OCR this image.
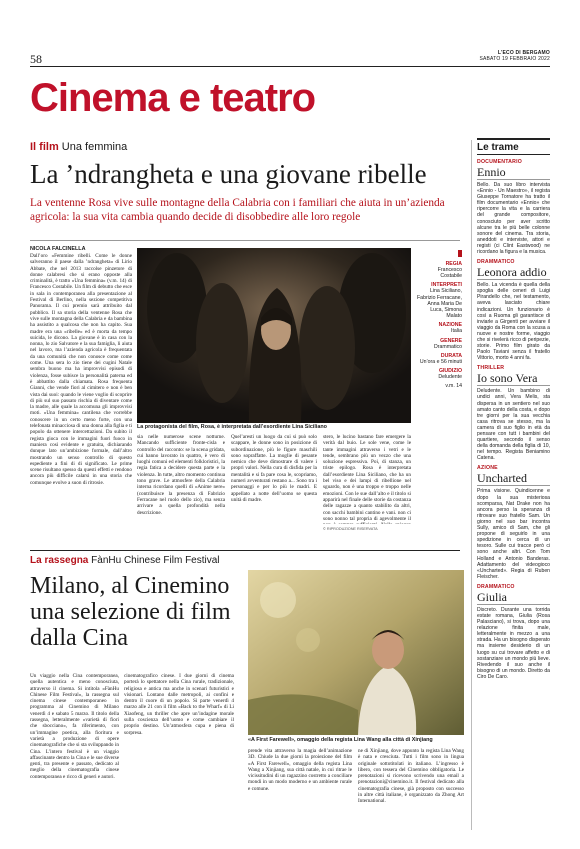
58	L'ECO DI BERGAMO
SABATO 19 FEBBRAIO 2022
Cinema e teatro
Il film Una femmina
La ’ndrangheta e una giovane ribelle
La ventenne Rosa vive sulle montagne della Calabria con i familiari che aiuta in un’azienda agricola: la sua vita cambia quando decide di disobbedire alle loro regole
NICOLA FALCINELLA
Dall’oro «Femmine ribelli. Come le donne salveranno il paese dalla ’ndrangheta» di Lirio Abbate, che nel 2013 raccolse pinzetore di donne calabresi che si erano opposte alla criminalità, è tratto «Una femmina» (v.m. 14) di Francesco Costabile. Un film di debutto che esce in sala in contemporanea alla presentazione al Festival di Berlino, nella sezione competitiva Panorama. Il cui premio sarà attribuito dal pubblico. Il sa storia della ventenne Rosa che vive sulle montagna della Calabria e da bambina ha assistito a qualcosa che non ha capito. Sua madre era una «ribelle» ed è morta da tempo suicida, le dicono. La giovane è in casa con la nonna, lo zio Salvatore e la sua famiglia, li aiuta nel lavoro, ma l’azienda agricola è frequentata da una comunità che non conosce come come come. Una sera lo zio tiene dei cugini Natale sembra buono ma ha improvvisi episodi di violenza, fosse subisce la personalità paterna ed è abbattito dalla chiamata. Rosa frequenta Gianni, che vende fiori al cimitero e non è ben vista dai suoi: quando le viene voglio di scoprire di più sul suo passato rischia di diventare come la madre, alle quale la accomuna gli improvvisi moti. «Una femmina» cantilena che vorrebbe conoscere in un certo meno forte, con una telefonata minacciosa di una donna alla figlia e ti popolo da ottenere intercettazioni. Da subito il regista gioca con le immagini fuori fuoco in maniera così evidente e gratuita, dichiarando dunque lato un’ambizione formale, dall’altro mostrando un senso controllo di questo espediente a fini di di significato. Le prime scene risultano spesso da questi effetti e rendono ancora più difficile calarsi in una storia che comunque evolve a suon di ritrosie.
La protagonista del film, Rosa, è interpretata dall’esordiente Lina Siciliano
sia nelle numerose scene notturne. Mancando sufficiente fronte-cisla e controllo del racconto: se la scena gridata, cui hanno lavorato in quattro, è vero di luoghi comuni ed elementi folkloristici, la regia fatica a decidere questa parte e la violenza. In tutte, altro momento continua tono grave. Le atmosfere della Calabria interna ricordano quelli di «Anime nere» (contribuisce la presenza di Fabrizio Ferracane nel ruolo dello zio), ma senza arrivare a quella profondità nella descrizione.
Quel’aresti un luogo da cui si può solo scappare, le donne sono in posizione di subordinazione, più le figure maschili sono sopraffatte. La moglie di pesante nemico che deve dimostrare di valere i propri valori. Nella cura di disfida per la mentalità e si fa pare cosa le, scopriamo, numeri avventurati restano a... Sono tra i personaggi e per lo più le madri. E appellato a notte dell’uomo se questa unità di madre.
stero, le lucino bastano fare emergere la verità dal buio. Le sole vene, come le tante immagini attraverso i vetri e le tende, sembrano più un vezzo che una soluzione espressiva. Poi, di stanza, un triste epilogo. Rosa è interpretata dall’esordiente Lina Siciliano, che ha un bel viso e dei lampi di ribellione nel sguardo, non è una troppo e troppo nelle emozioni. Con le sue dall’alto e il titolo si apparirà nel finale delle storie da costanza delle ragazze a quanto stabilito da altri, con sacchi bambini cantino e vani. non ci sono nonno tal propria di agevolmente il
© RIPRODUZIONE RISERVATA
REGIA
Francesco Costabile
INTERPRETI
Lina Siciliano, Fabrizio Ferracane, Anna Maria De Luca, Simona Malato
NAZIONE
Italia
GENERE
Drammatico
DURATA
Un’ora e 56 minuti
GIUDIZIO
Deludente
v.m. 14
Le trame
DOCUMENTARIO
Ennio
Bello. Da suo libro intervista «Ennio - Un Maestro», il regista Giuseppe Tornatore ha tratto il film documentario «Ennio» che ripercorre la vita e la carriera del grande compositore, conosciuto per aver scritto alcune tra le più belle colonne sonore del cinema. Tra storia, aneddoti e interviste, attori e registi (ci Clint Eastwood) ne ricordano la figura e la musica.
DRAMMATICO
Leonora addio
Bello. La vicenda è quella della spoglia delle ceneri di Luigi Pirandello che, nel testamento, aveva lasciato chiare indicazioni. Un funzionario è così a Ruoma gli garantisce di inviarle a Girgenti per avviare il viaggio da Roma con la scusa a nuove e nostre forme, viaggio che si rivelerà ricco di peripezie, storie. Primo film girato da Paolo Taviani senza il fratello Vittorio, morto 4 anni fa.
THRILLER
Io sono Vera
Deludente. Un bambino di undici anni, Vera Melis, sta dispersa in un sentiero nel suo amato canto della costa, e dopo tre giorni per la sua vecchia casa ritrova se stesso, ma la camera di suo figlio in età da pensare con tutt i bambini del quartiere, secondo il senso della domanda della figlia di 10, nel tempo. Regista Beniamino Catena.
AZIONE
Uncharted
Prima visione. Quindicenne e dopo la sua misteriosa scomparsa, Nat Drake non ha ancora perso la speranza di ritrovare suo fratello Sam. Un giorno nel suo bar incontra Sully, amico di Sam, che gli propone di seguirlo in una spedizione in cerca di un tesoro. Sulle cui tracce però ci sono anche altri. Con Tom Holland e Antonio Banderas. Adattamento del videogioco «Uncharted». Regia di Ruben Fleischer.
DRAMMATICO
Giulia
Discreto. Durante una torrida estate romana, Giulia (Rosa Palasciano), si trova, dopo una relazione finita male, letteralmente in mezzo a una strada. Ha un bisogno disperato ma insieme desiderio di un luogo su cui trovare affetto e di sostanziare un mondo più lieve. Rivedendo il suo anche il bisogno di un mondo. Diretto da Ciro De Caro.
La rassegna FànHu Chinese Film Festival
Milano, al Cinemino una selezione di film dalla Cina
«A First Farewell», omaggio della regista Lina Wang alla città di Xinjiang
Un viaggio nella Cina contemporanea, quella autentica e meno conosciuta, attraverso il cinema. Si intitola «FànHu Chinese Film Festival», la rassegna sul cinema cinese contemporaneo in programma al Cinemino di Milano venerdì 4 e sabato 5 marzo. Il titolo della rassegna, letteralmente «varietà di fiori che sbocciano», fa riferimento, con un’immagine poetica, alla fioritura e varietà a produzione di opere cinematografiche che si sta sviluppando in Cina. L’intero festival è un viaggio affascinante dentro la Cina e le sue diverse genti, tra presente e passato, dedicato al meglio della cinematografia cinese contemporanea e ricco di generi e autori.
cinematografico cinese. I due giorni di cinema porterà lo spettatore nella Cina rurale, tradizionale, religiosa e antica ma anche in scenari futuristici e visionari. Lontano dalle metropoli, ai confini e dentro il cuore di un popolo. Si parte venerdì 4 marzo alle 21 con il film «Back to the Wharf» di Li Xiaofeng, un thriller che apre un’indagine morale sulla coscienza dell’uomo e come cambiare il proprio destino. Un’atmosfera cupa e piena di sorpresa.
prende vita attraverso la magia dell’animazione 3D. Chiude la due giorni la proiezione del film «A First Farewell», omaggio della regista Lina Wang a Xinjiang, sua città natale, in cui ritrae le vicissitudini di un ragazzino costretto a conciliare mondi in un modo moderno e un ambiente rurale e comune.
ne di Xinjiang, dove appunto la regista Lina Wang è nata e cresciuta. Tutti i film sono in lingua originale sottotitolati in italiano. L’ingresso è libero, con tessera del Cinemino obbligatoria. Le prenotazioni si ricevono scrivendo una email a prenotazioni@cinemino.it. Il festival dedicato alla cinematografia cinese, già proposto con successo in altre città italiane, è organizzato da Zhong Art International.
